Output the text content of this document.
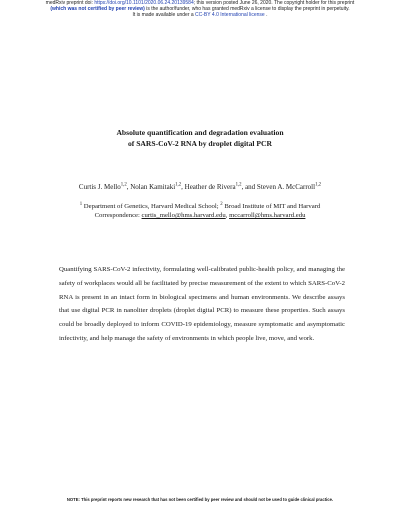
medRxiv preprint doi: https://doi.org/10.1101/2020.06.24.20139584; this version posted June 26, 2020. The copyright holder for this preprint
(which was not certified by peer review) is the author/funder, who has granted medRxiv a license to display the preprint in perpetuity.
It is made available under a CC-BY 4.0 International license .
Absolute quantification and degradation evaluation
of SARS-CoV-2 RNA by droplet digital PCR
Curtis J. Mello$^{1,2}$, Nolan Kamitaki$^{1,2}$, Heather de Rivera$^{1,2}$, and Steven A. McCarroll$^{1,2}$
$^1$ Department of Genetics, Harvard Medical School; $^2$ Broad Institute of MIT and Harvard
Correspondence: curtis_mello@hms.harvard.edu, mccarroll@hms.harvard.edu
Quantifying SARS-CoV-2 infectivity, formulating well-calibrated public-health policy, and managing the safety of workplaces would all be facilitated by precise measurement of the extent to which SARS-CoV-2 RNA is present in an intact form in biological specimens and human environments. We describe assays that use digital PCR in nanoliter droplets (droplet digital PCR) to measure these properties. Such assays could be broadly deployed to inform COVID-19 epidemiology, measure symptomatic and asymptomatic infectivity, and help manage the safety of environments in which people live, move, and work.
NOTE: This preprint reports new research that has not been certified by peer review and should not be used to guide clinical practice.
